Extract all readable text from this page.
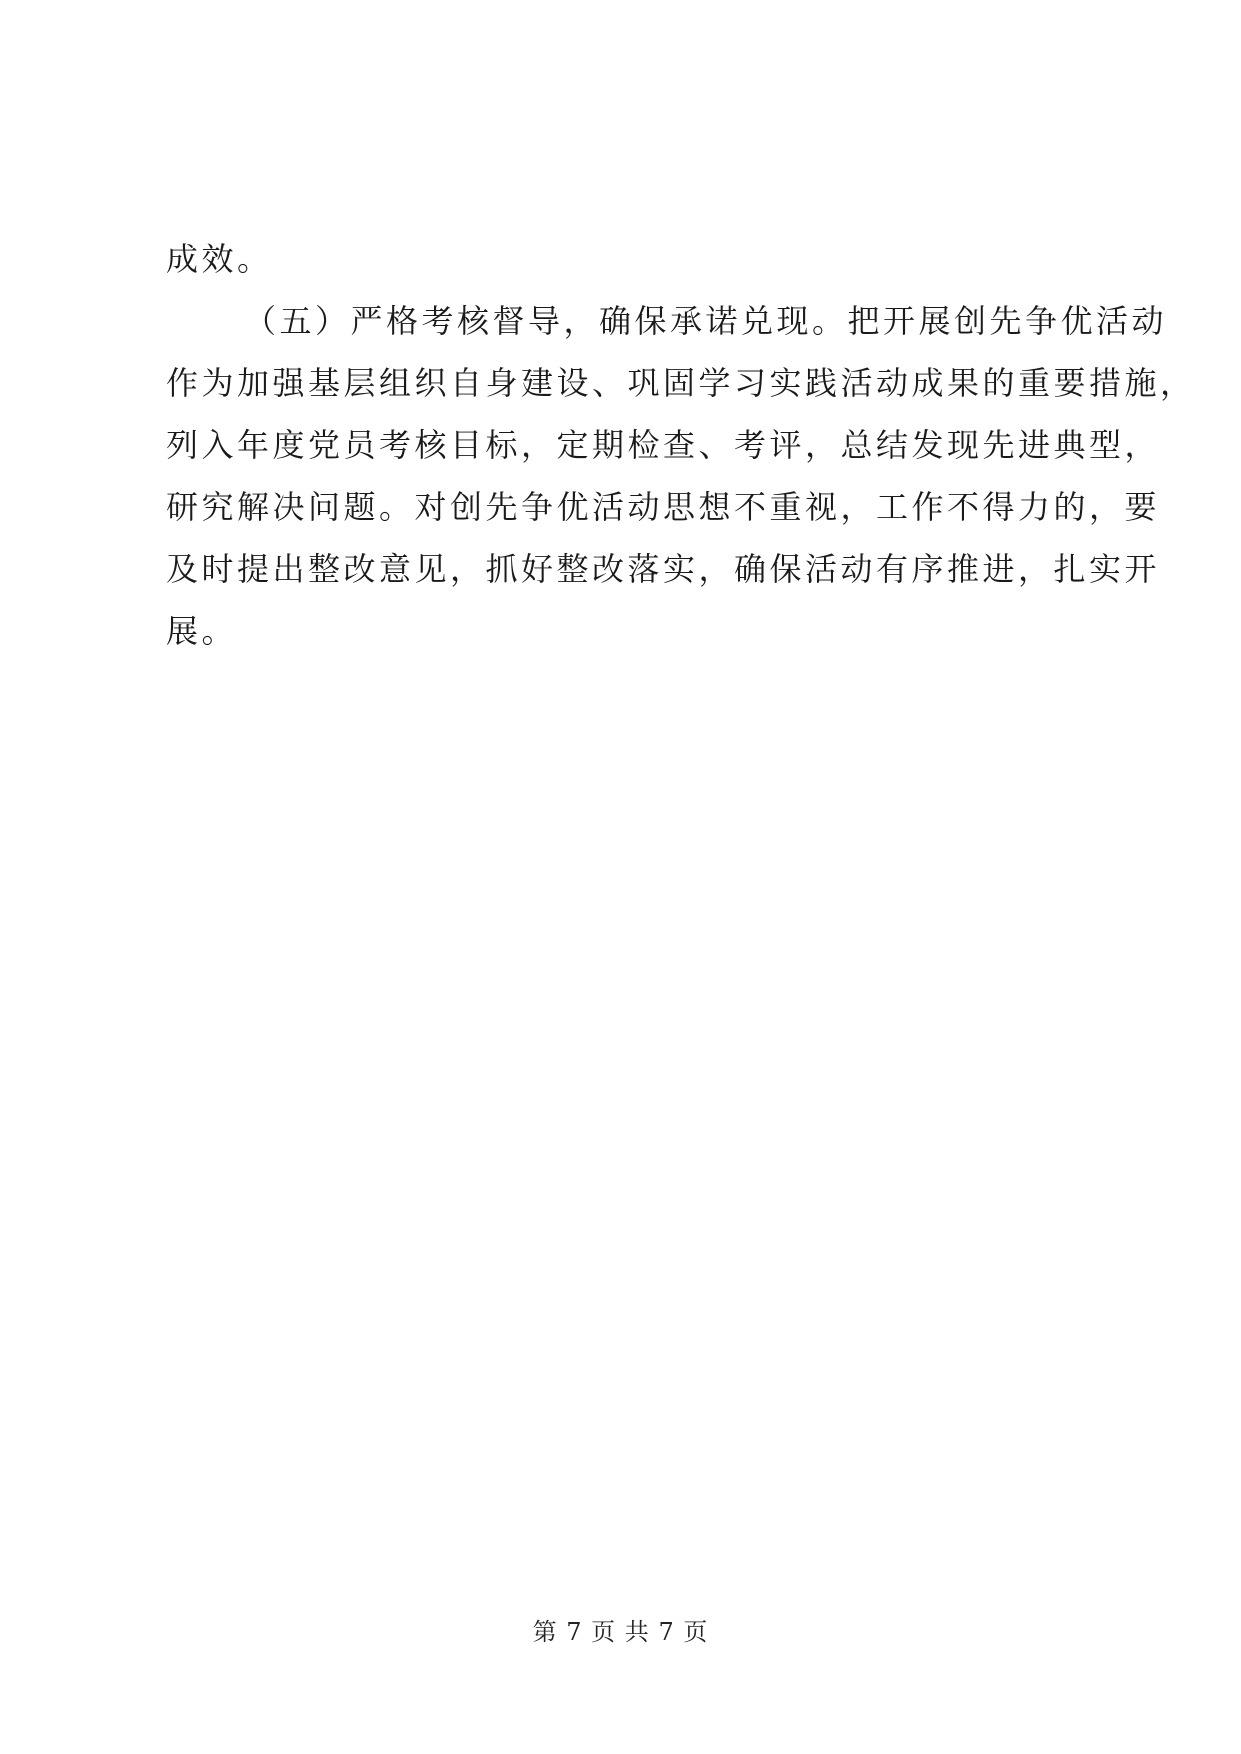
成效。
（五）严格考核督导，确保承诺兑现。把开展创先争优活动
作为加强基层组织自身建设、巩固学习实践活动成果的重要措施，
列入年度党员考核目标，定期检查、考评，总结发现先进典型，
研究解决问题。对创先争优活动思想不重视，工作不得力的，要
及时提出整改意见，抓好整改落实，确保活动有序推进，扎实开
展。
第 7 页 共 7 页
